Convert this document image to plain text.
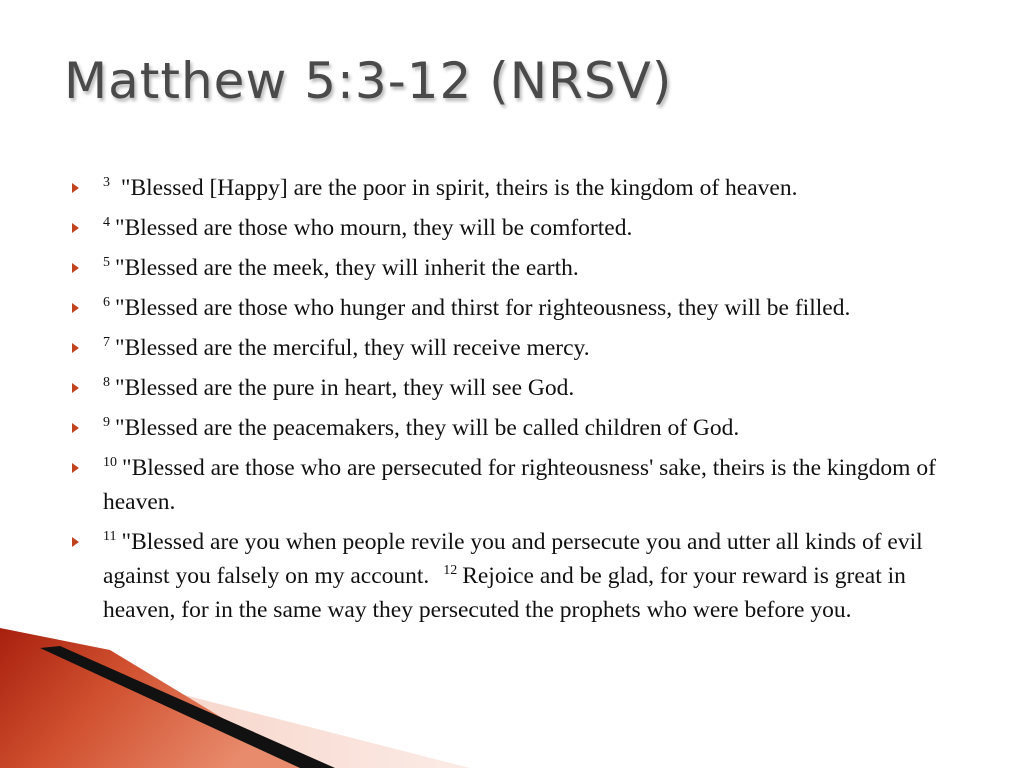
Matthew 5:3-12 (NRSV)
$^3$ "Blessed [Happy] are the poor in spirit, theirs is the kingdom of heaven.
$^4$ "Blessed are those who mourn, they will be comforted.
$^5$ "Blessed are the meek, they will inherit the earth.
$^6$ "Blessed are those who hunger and thirst for righteousness, they will be filled.
$^7$ "Blessed are the merciful, they will receive mercy.
$^8$ "Blessed are the pure in heart, they will see God.
$^9$ "Blessed are the peacemakers, they will be called children of God.
$^{10}$ "Blessed are those who are persecuted for righteousness' sake, theirs is the kingdom of heaven.
$^{11}$ "Blessed are you when people revile you and persecute you and utter all kinds of evil against you falsely on my account. $^{12}$ Rejoice and be glad, for your reward is great in heaven, for in the same way they persecuted the prophets who were before you.
